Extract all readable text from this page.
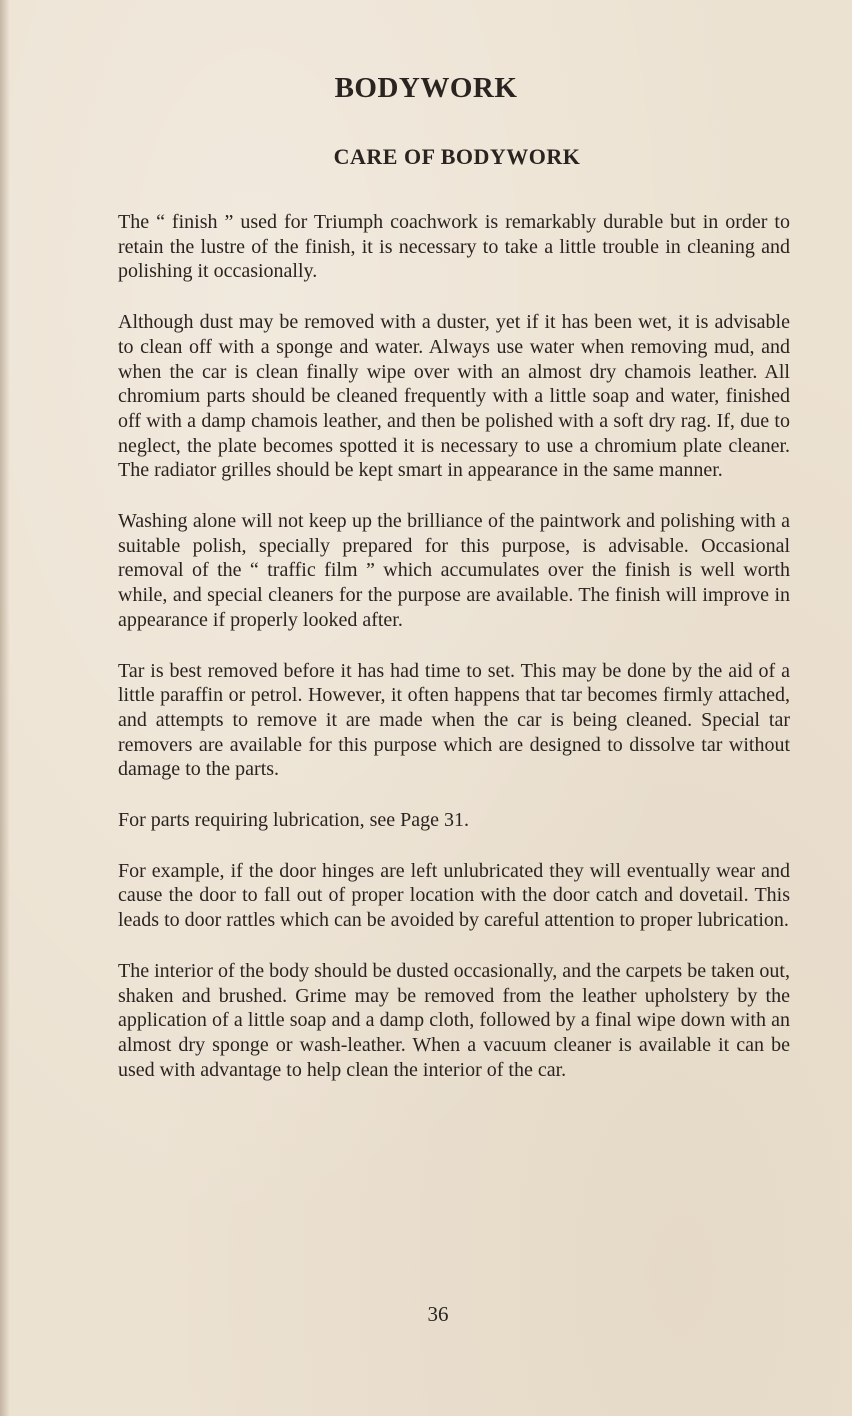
BODYWORK
CARE OF BODYWORK

The “ finish ” used for Triumph coachwork is remarkably durable but in order to retain the lustre of the finish, it is necessary to take a little trouble in cleaning and polishing it occasionally.

Although dust may be removed with a duster, yet if it has been wet, it is advisable to clean off with a sponge and water. Always use water when removing mud, and when the car is clean finally wipe over with an almost dry chamois leather. All chromium parts should be cleaned frequently with a little soap and water, finished off with a damp chamois leather, and then be polished with a soft dry rag. If, due to neglect, the plate becomes spotted it is necessary to use a chromium plate cleaner. The radiator grilles should be kept smart in appearance in the same manner.

Washing alone will not keep up the brilliance of the paintwork and polishing with a suitable polish, specially prepared for this purpose, is advisable. Occasional removal of the “ traffic film ” which accumulates over the finish is well worth while, and special cleaners for the purpose are available. The finish will improve in appearance if properly looked after.

Tar is best removed before it has had time to set. This may be done by the aid of a little paraffin or petrol. However, it often happens that tar becomes firmly attached, and attempts to remove it are made when the car is being cleaned. Special tar removers are available for this purpose which are designed to dissolve tar without damage to the parts.

For parts requiring lubrication, see Page 31.

For example, if the door hinges are left unlubricated they will eventually wear and cause the door to fall out of proper location with the door catch and dovetail. This leads to door rattles which can be avoided by careful attention to proper lubrication.

The interior of the body should be dusted occasionally, and the carpets be taken out, shaken and brushed. Grime may be removed from the leather upholstery by the application of a little soap and a damp cloth, followed by a final wipe down with an almost dry sponge or wash-leather. When a vacuum cleaner is available it can be used with advantage to help clean the interior of the car.

36
